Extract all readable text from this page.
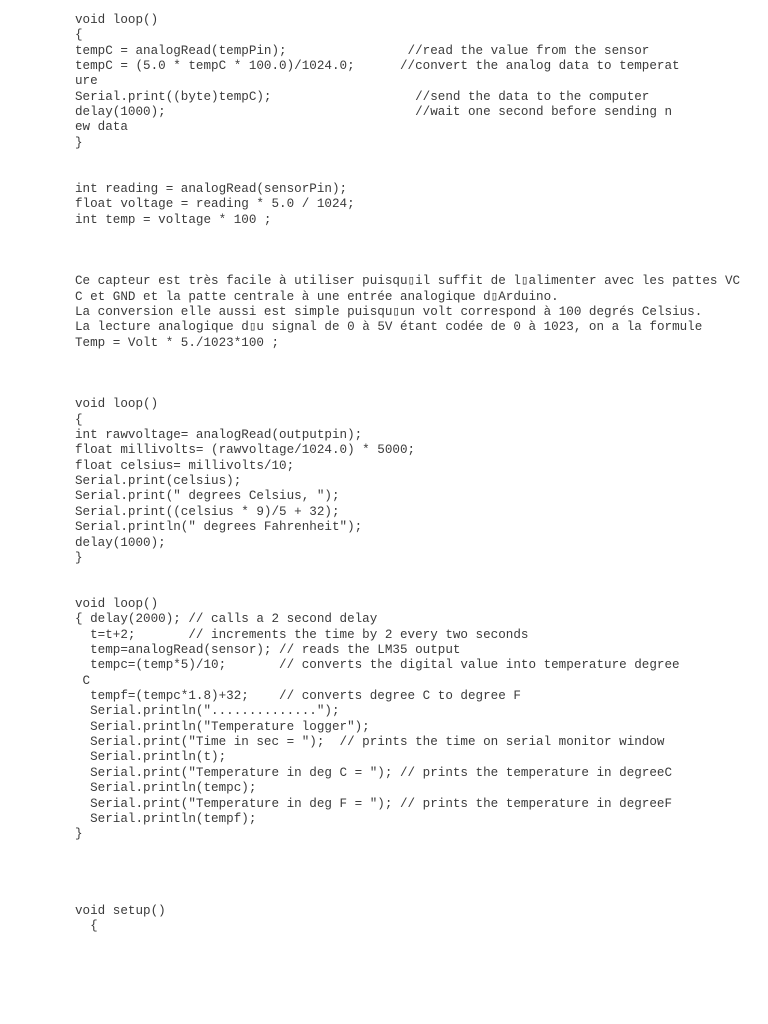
void loop()

{

tempC = analogRead(tempPin);                //read the value from the sensor

tempC = (5.0 * tempC * 100.0)/1024.0;      //convert the analog data to temperat

ure

Serial.print((byte)tempC);                   //send the data to the computer

delay(1000);                                 //wait one second before sending n

ew data

}

int reading = analogRead(sensorPin);

float voltage = reading * 5.0 / 1024;

int temp = voltage * 100 ;

Ce capteur est très facile à utiliser puisqu▯il suffit de l▯alimenter avec les pattes VC

C et GND et la patte centrale à une entrée analogique d▯Arduino.

La conversion elle aussi est simple puisqu▯un volt correspond à 100 degrés Celsius.

La lecture analogique d▯u signal de 0 à 5V étant codée de 0 à 1023, on a la formule

Temp = Volt * 5./1023*100 ;

void loop()

{

int rawvoltage= analogRead(outputpin);

float millivolts= (rawvoltage/1024.0) * 5000;

float celsius= millivolts/10;

Serial.print(celsius);

Serial.print(" degrees Celsius, ");

Serial.print((celsius * 9)/5 + 32);

Serial.println(" degrees Fahrenheit");

delay(1000);

}

void loop()

{ delay(2000); // calls a 2 second delay

t=t+2;       // increments the time by 2 every two seconds

temp=analogRead(sensor); // reads the LM35 output

tempc=(temp*5)/10;       // converts the digital value into temperature degree

C

tempf=(tempc*1.8)+32;    // converts degree C to degree F

Serial.println("..............");

Serial.println("Temperature logger");

Serial.print("Time in sec = ");  // prints the time on serial monitor window

Serial.println(t);

Serial.print("Temperature in deg C = "); // prints the temperature in degreeC

Serial.println(tempc);

Serial.print("Temperature in deg F = "); // prints the temperature in degreeF

Serial.println(tempf);

}

void setup()

{
